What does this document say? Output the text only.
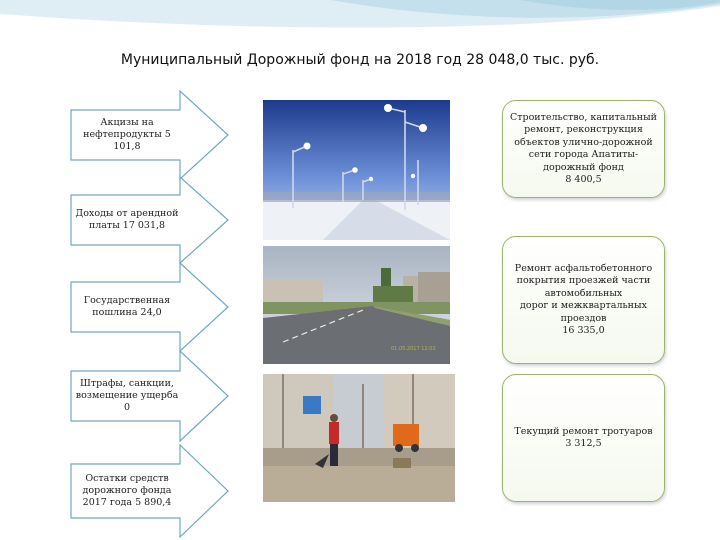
Муниципальный Дорожный фонд на 2018 год 28 048,0 тыс. руб.
Акцизы на нефтепродукты 5 101,8
Доходы от арендной платы 17 031,8
Государственная пошлина 24,0
Штрафы, санкции, возмещение ущерба 0
Остатки средств дорожного фонда 2017 года 5 890,4
01.05.2017 12:02
Строительство, капитальный
ремонт, реконструкция
объектов улично-дорожной
сети города Апатиты-
дорожный фонд
8 400,5
Ремонт асфальтобетонного
покрытия проезжей части
автомобильных
дорог и межквартальных
проездов
16 335,0
Текущий ремонт тротуаров
3 312,5
